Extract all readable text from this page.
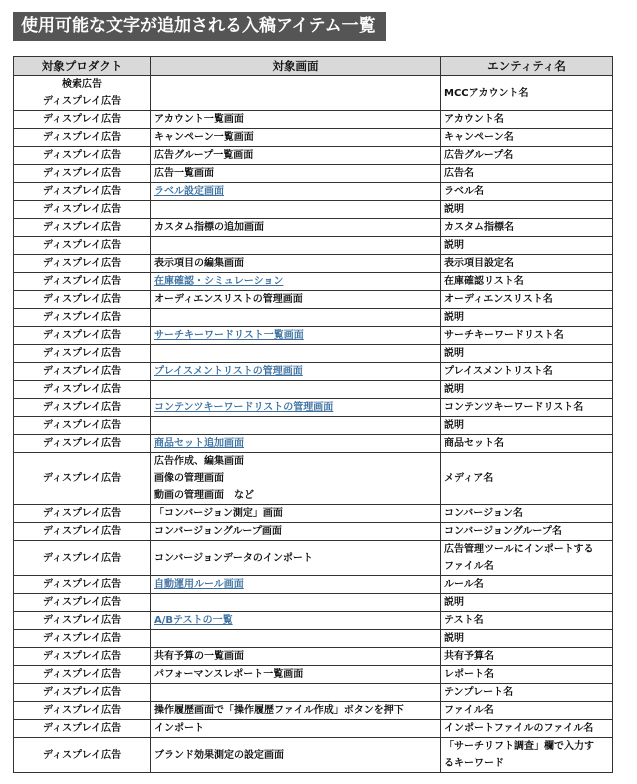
使用可能な文字が追加される入稿アイテム一覧
対象プロダクト	対象画面	エンティティ名

検索広告
ディスプレイ広告		MCCアカウント名
ディスプレイ広告	アカウント一覧画面	アカウント名
ディスプレイ広告	キャンペーン一覧画面	キャンペーン名
ディスプレイ広告	広告グループ一覧画面	広告グループ名
ディスプレイ広告	広告一覧画面	広告名
ディスプレイ広告	ラベル設定画面	ラベル名
ディスプレイ広告		説明
ディスプレイ広告	カスタム指標の追加画面	カスタム指標名
ディスプレイ広告		説明
ディスプレイ広告	表示項目の編集画面	表示項目設定名
ディスプレイ広告	在庫確認・シミュレーション	在庫確認リスト名
ディスプレイ広告	オーディエンスリストの管理画面	オーディエンスリスト名
ディスプレイ広告		説明
ディスプレイ広告	サーチキーワードリスト一覧画面	サーチキーワードリスト名
ディスプレイ広告		説明
ディスプレイ広告	プレイスメントリストの管理画面	プレイスメントリスト名
ディスプレイ広告		説明
ディスプレイ広告	コンテンツキーワードリストの管理画面	コンテンツキーワードリスト名
ディスプレイ広告		説明
ディスプレイ広告	商品セット追加画面	商品セット名
ディスプレイ広告	広告作成、編集画面
画像の管理画面
動画の管理画面　など	メディア名
ディスプレイ広告	「コンバージョン測定」画面	コンバージョン名
ディスプレイ広告	コンバージョングループ画面	コンバージョングループ名
ディスプレイ広告	コンバージョンデータのインポート	広告管理ツールにインポートする
ファイル名

ディスプレイ広告	自動運用ルール画面	ルール名
ディスプレイ広告		説明
ディスプレイ広告	A/Bテストの一覧	テスト名
ディスプレイ広告		説明
ディスプレイ広告	共有予算の一覧画面	共有予算名
ディスプレイ広告	パフォーマンスレポート一覧画面	レポート名
ディスプレイ広告		テンプレート名
ディスプレイ広告	操作履歴画面で「操作履歴ファイル作成」ボタンを押下	ファイル名
ディスプレイ広告	インポート	インポートファイルのファイル名
ディスプレイ広告	ブランド効果測定の設定画面	「サーチリフト調査」欄で入力す
るキーワード
